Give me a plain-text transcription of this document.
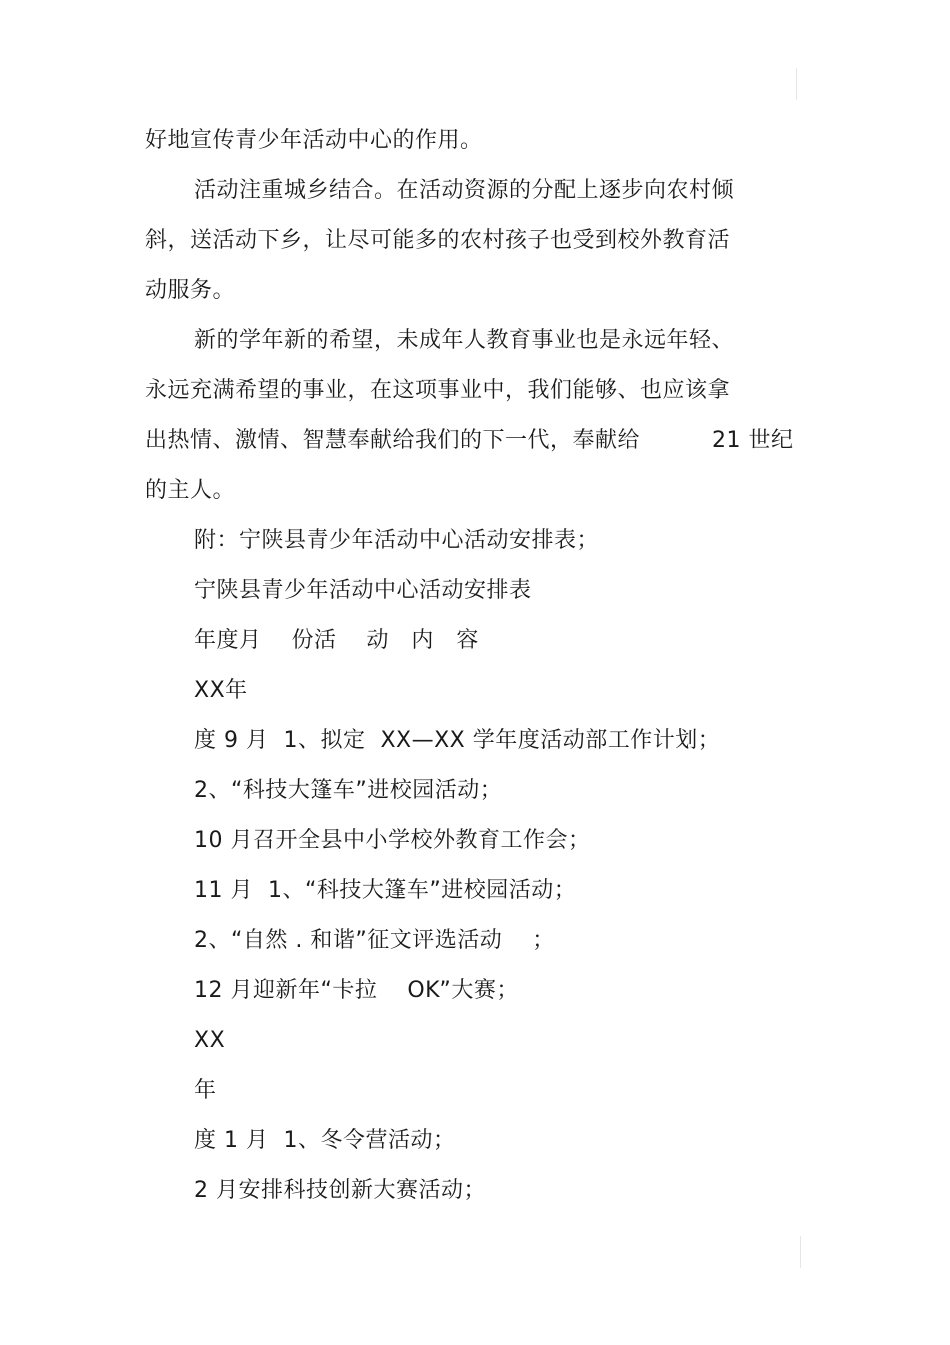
好地宣传青少年活动中心的作用。
活动注重城乡结合。在活动资源的分配上逐步向农村倾
斜，送活动下乡，让尽可能多的农村孩子也受到校外教育活
动服务。
新的学年新的希望，未成年人教育事业也是永远年轻、
永远充满希望的事业，在这项事业中，我们能够、也应该拿
出热情、激情、智慧奉献给我们的下一代，奉献给	21 世纪
的主人。
附：宁陕县青少年活动中心活动安排表；
宁陕县青少年活动中心活动安排表
年度月    份活    动   内   容
XX年
度 9 月  1、拟定  XX—XX 学年度活动部工作计划；
2、“科技大篷车”进校园活动；
10 月召开全县中小学校外教育工作会；
11 月  1、“科技大篷车”进校园活动；
2、“自然 . 和谐”征文评选活动    ；
12 月迎新年“卡拉    OK”大赛；
XX
年
度 1 月  1、冬令营活动；
2 月安排科技创新大赛活动；
